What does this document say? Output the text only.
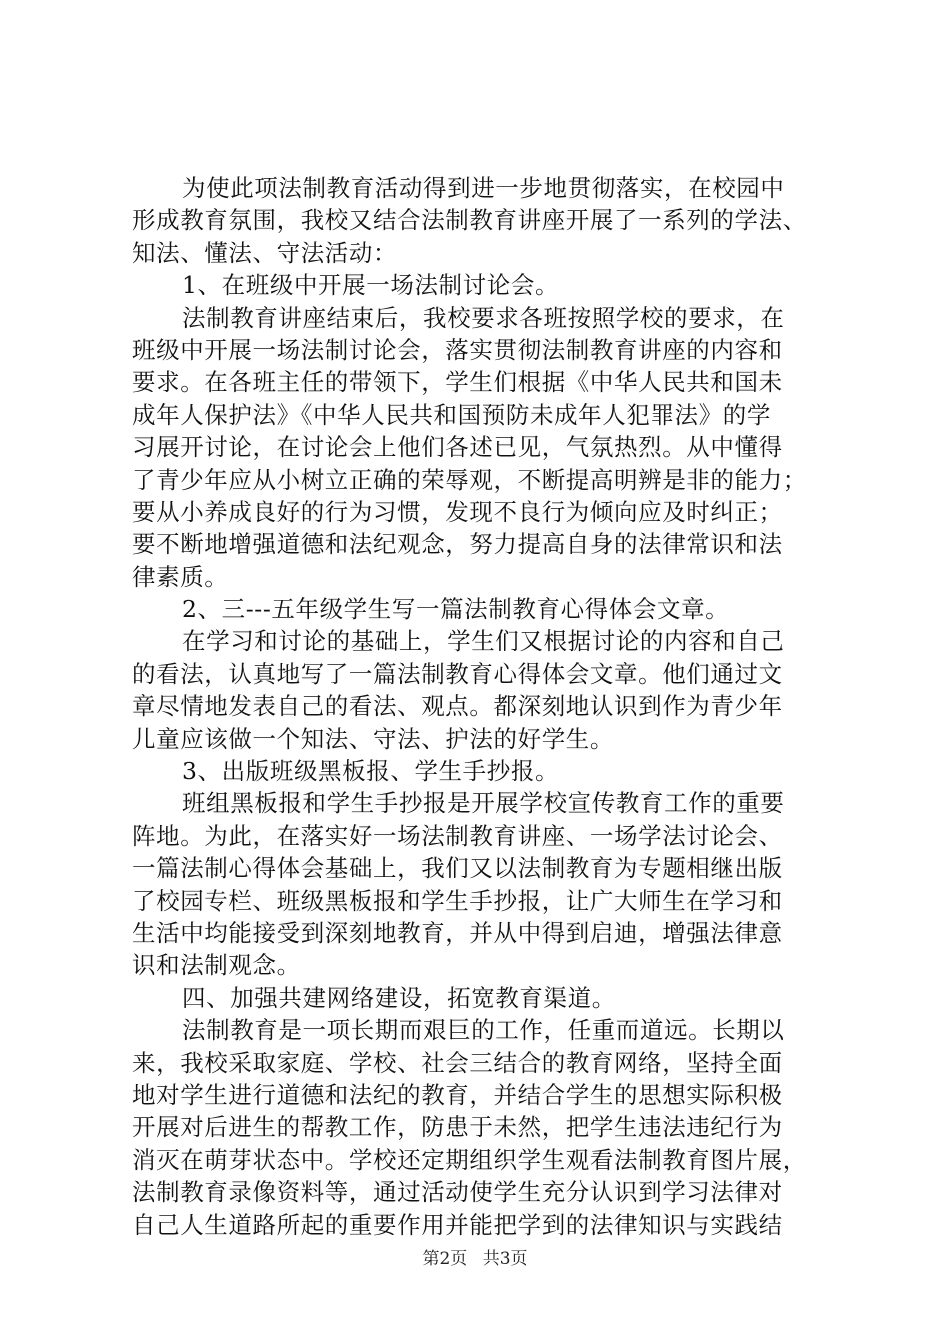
为使此项法制教育活动得到进一步地贯彻落实，在校园中
形成教育氛围，我校又结合法制教育讲座开展了一系列的学法、
知法、懂法、守法活动：
1、在班级中开展一场法制讨论会。
法制教育讲座结束后，我校要求各班按照学校的要求，在
班级中开展一场法制讨论会，落实贯彻法制教育讲座的内容和
要求。在各班主任的带领下，学生们根据《中华人民共和国未
成年人保护法》《中华人民共和国预防未成年人犯罪法》的学
习展开讨论，在讨论会上他们各述已见，气氛热烈。从中懂得
了青少年应从小树立正确的荣辱观，不断提高明辨是非的能力；
要从小养成良好的行为习惯，发现不良行为倾向应及时纠正；
要不断地增强道德和法纪观念，努力提高自身的法律常识和法
律素质。
2、三---五年级学生写一篇法制教育心得体会文章。
在学习和讨论的基础上，学生们又根据讨论的内容和自己
的看法，认真地写了一篇法制教育心得体会文章。他们通过文
章尽情地发表自己的看法、观点。都深刻地认识到作为青少年
儿童应该做一个知法、守法、护法的好学生。
3、出版班级黑板报、学生手抄报。
班组黑板报和学生手抄报是开展学校宣传教育工作的重要
阵地。为此，在落实好一场法制教育讲座、一场学法讨论会、
一篇法制心得体会基础上，我们又以法制教育为专题相继出版
了校园专栏、班级黑板报和学生手抄报，让广大师生在学习和
生活中均能接受到深刻地教育，并从中得到启迪，增强法律意
识和法制观念。
四、加强共建网络建设，拓宽教育渠道。
法制教育是一项长期而艰巨的工作，任重而道远。长期以
来，我校采取家庭、学校、社会三结合的教育网络，坚持全面
地对学生进行道德和法纪的教育，并结合学生的思想实际积极
开展对后进生的帮教工作，防患于未然，把学生违法违纪行为
消灭在萌芽状态中。学校还定期组织学生观看法制教育图片展，
法制教育录像资料等，通过活动使学生充分认识到学习法律对
自己人生道路所起的重要作用并能把学到的法律知识与实践结
第2页 共3页
